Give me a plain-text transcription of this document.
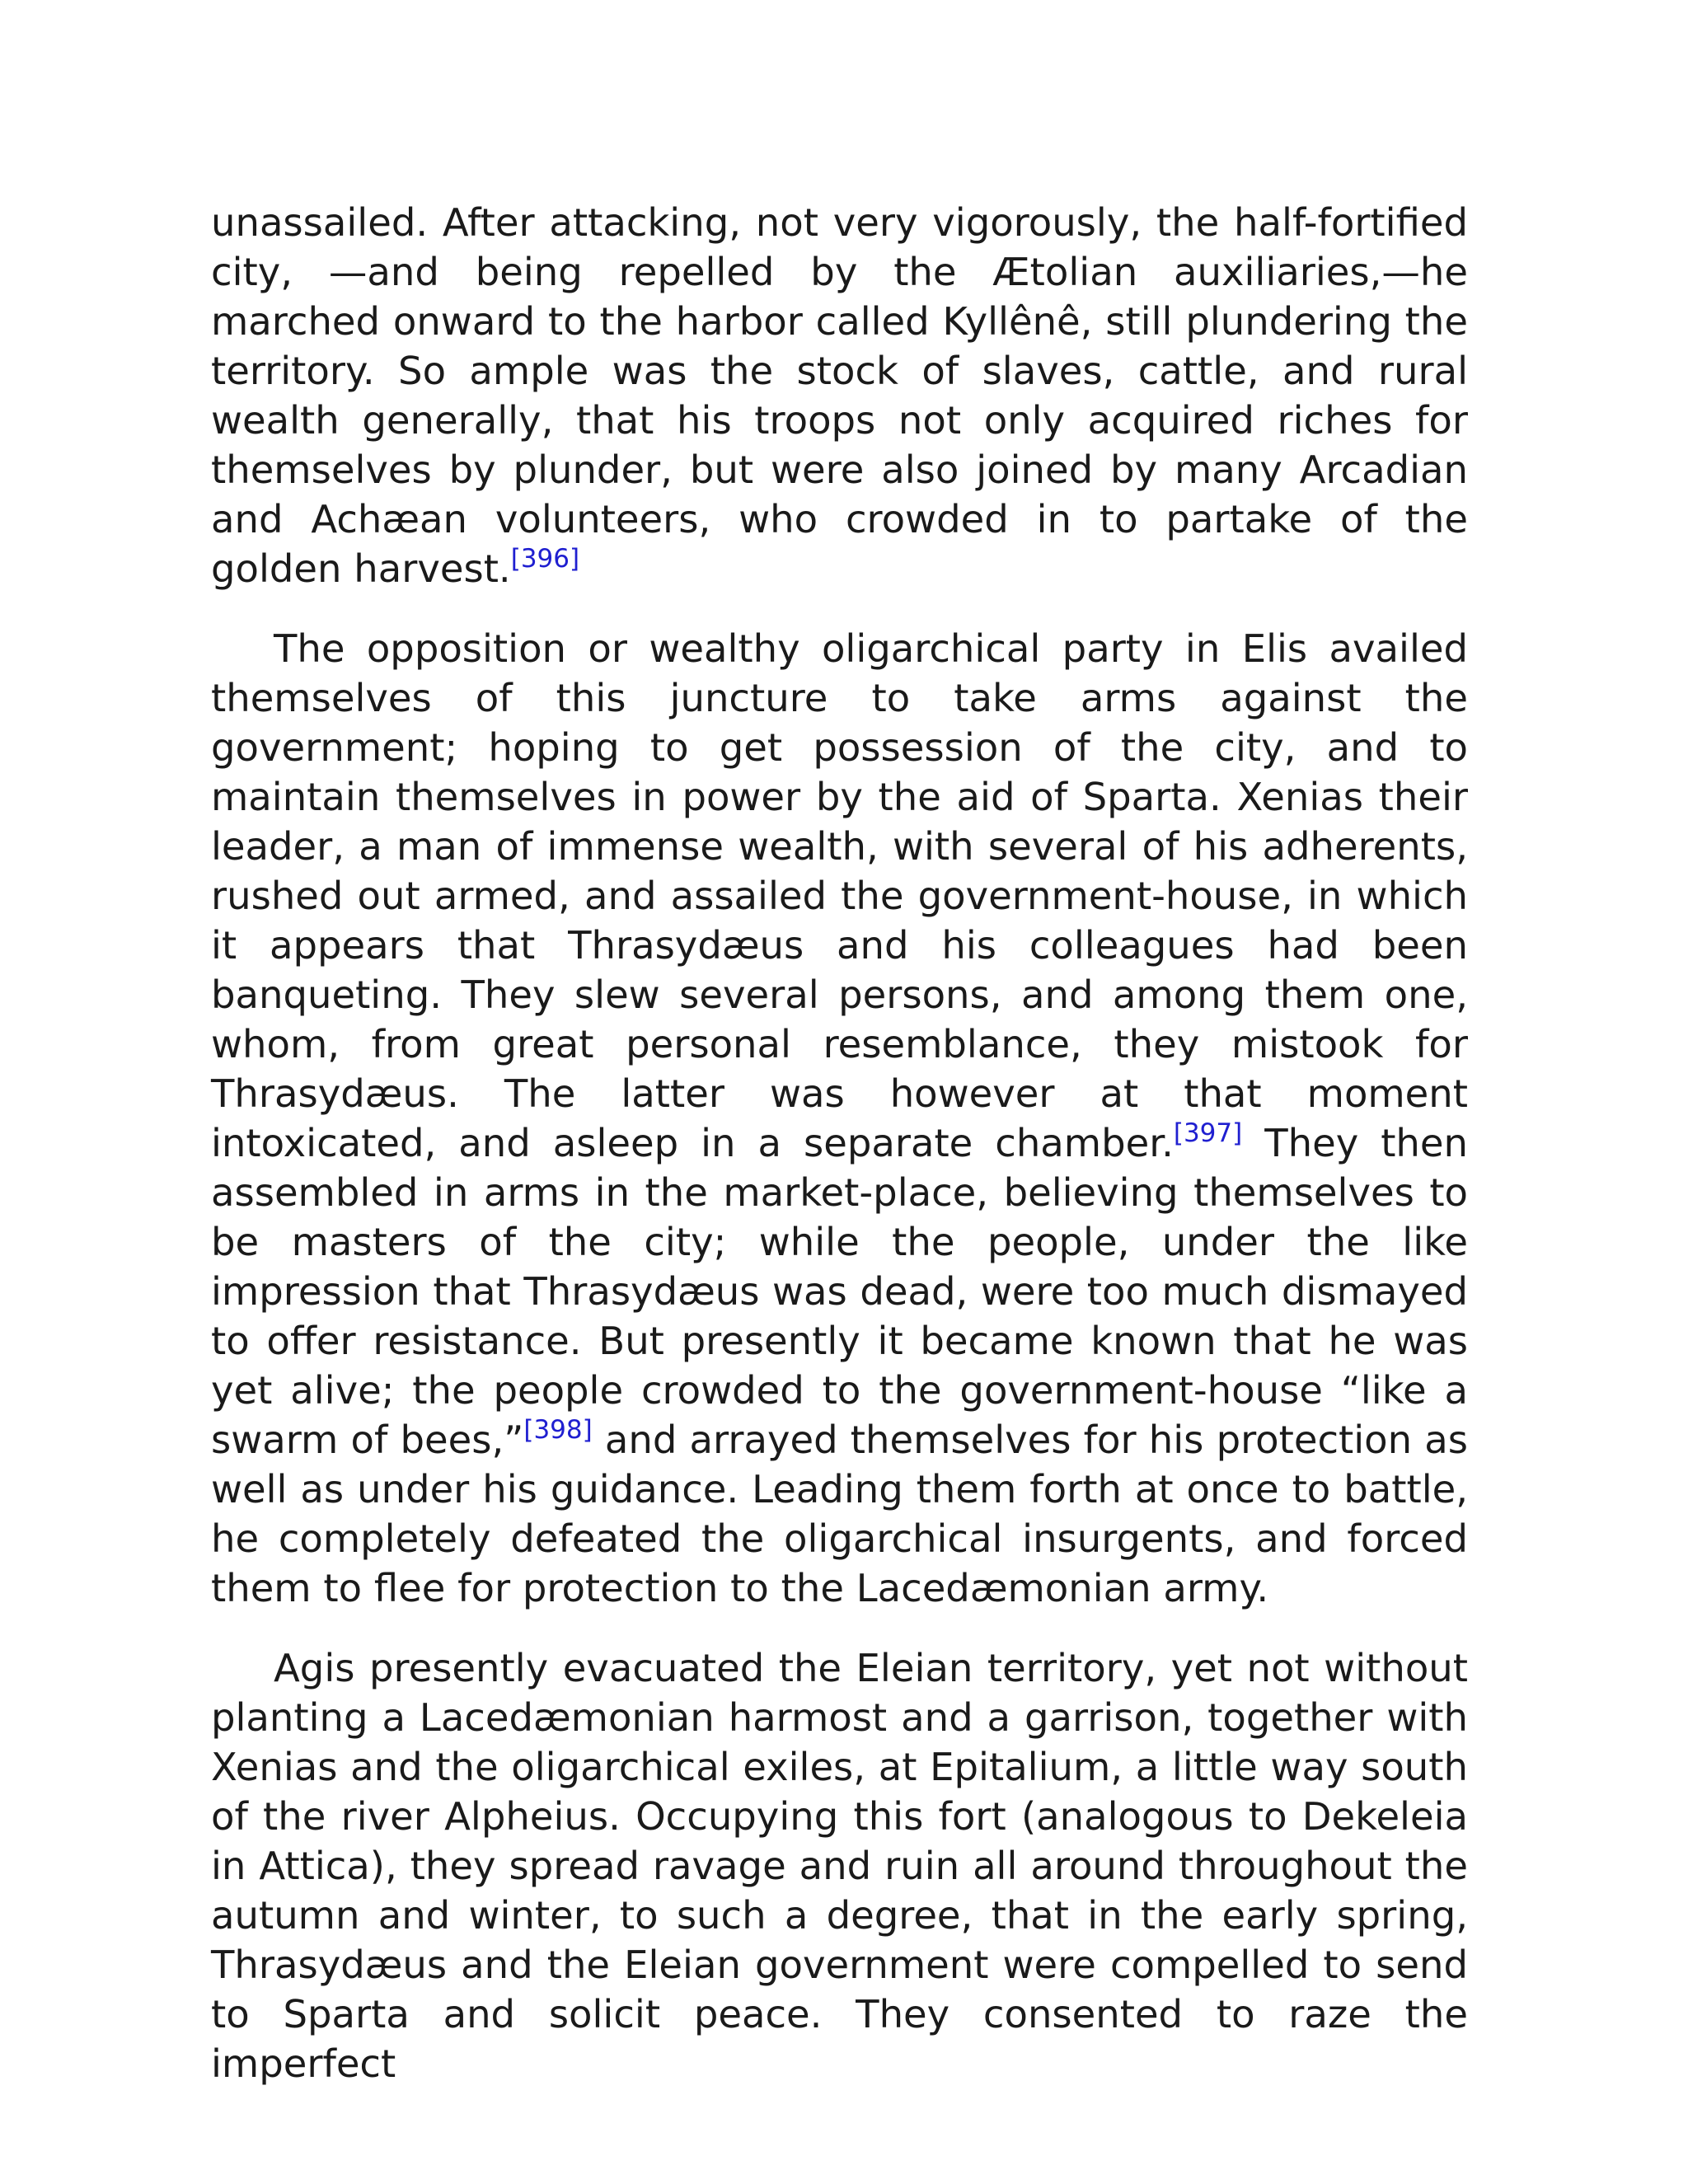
unassailed. After attacking, not very vigorously, the half-fortified city, —and being repelled by the Ætolian auxiliaries,—he marched onward to the harbor called Kyllênê, still plundering the territory. So ample was the stock of slaves, cattle, and rural wealth generally, that his troops not only acquired riches for themselves by plunder, but were also joined by many Arcadian and Achæan volunteers, who crowded in to partake of the golden harvest.[396]

The opposition or wealthy oligarchical party in Elis availed themselves of this juncture to take arms against the government; hoping to get possession of the city, and to maintain themselves in power by the aid of Sparta. Xenias their leader, a man of immense wealth, with several of his adherents, rushed out armed, and assailed the government-house, in which it appears that Thrasydæus and his colleagues had been banqueting. They slew several persons, and among them one, whom, from great personal resemblance, they mistook for Thrasydæus. The latter was however at that moment intoxicated, and asleep in a separate chamber.[397] They then assembled in arms in the market-place, believing themselves to be masters of the city; while the people, under the like impression that Thrasydæus was dead, were too much dismayed to offer resistance. But presently it became known that he was yet alive; the people crowded to the government-house “like a swarm of bees,”[398] and arrayed themselves for his protection as well as under his guidance. Leading them forth at once to battle, he completely defeated the oligarchical insurgents, and forced them to flee for protection to the Lacedæmonian army.

Agis presently evacuated the Eleian territory, yet not without planting a Lacedæmonian harmost and a garrison, together with Xenias and the oligarchical exiles, at Epitalium, a little way south of the river Alpheius. Occupying this fort (analogous to Dekeleia in Attica), they spread ravage and ruin all around throughout the autumn and winter, to such a degree, that in the early spring, Thrasydæus and the Eleian government were compelled to send to Sparta and solicit peace. They consented to raze the imperfect
